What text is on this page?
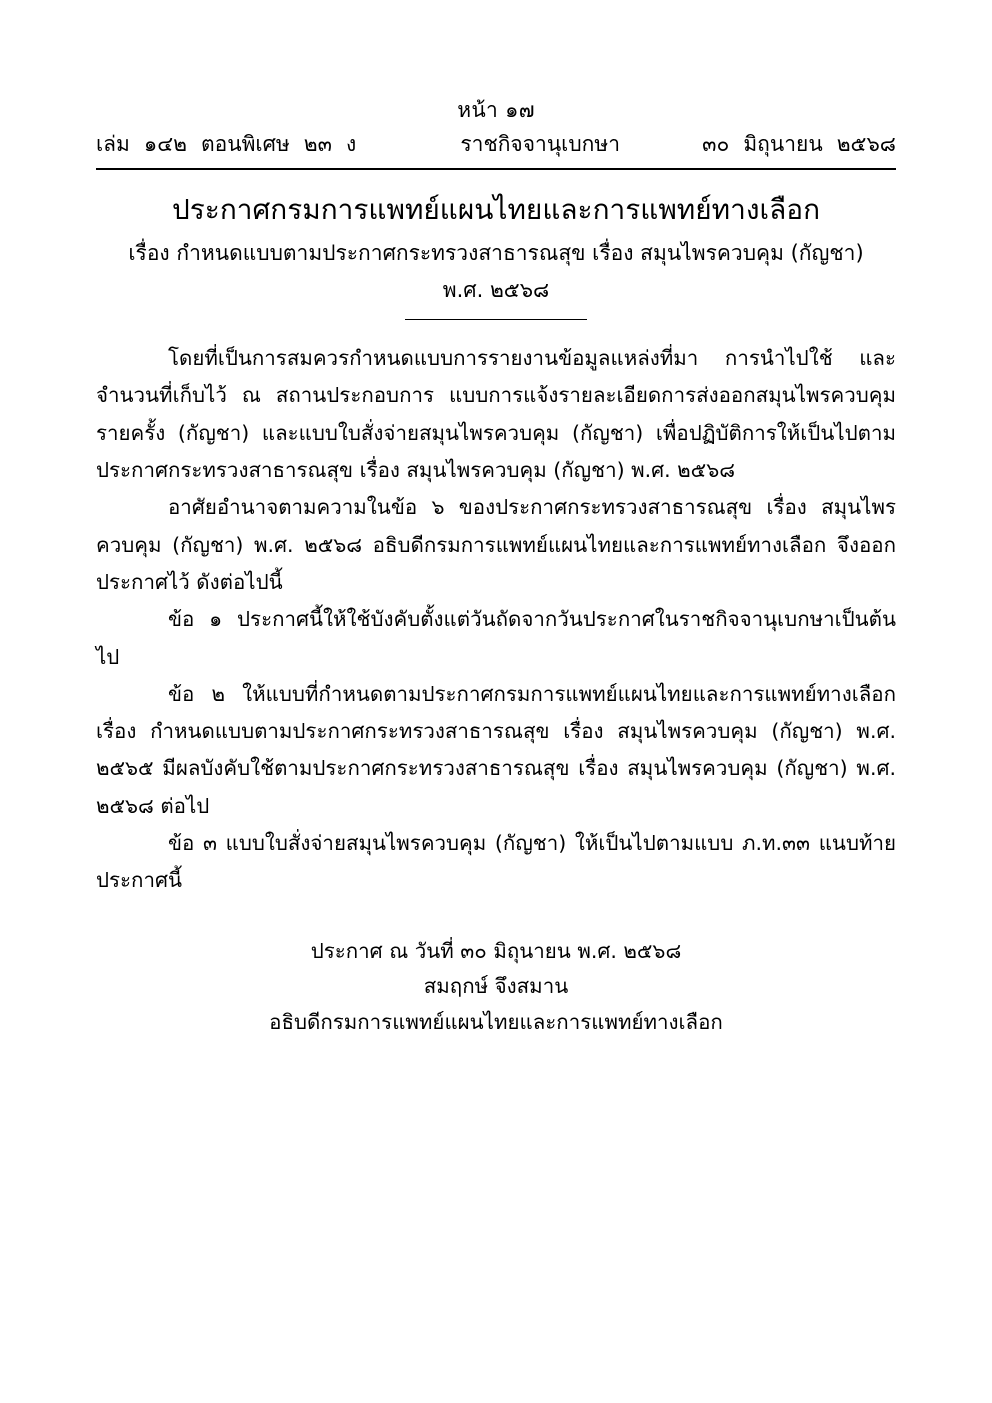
หน้า ๑๗
เล่ม ๑๔๒ ตอนพิเศษ ๒๓ ง	ราชกิจจานุเบกษา	๓๐ มิถุนายน ๒๕๖๘
ประกาศกรมการแพทย์แผนไทยและการแพทย์ทางเลือก
เรื่อง กำหนดแบบตามประกาศกระทรวงสาธารณสุข เรื่อง สมุนไพรควบคุม (กัญชา)
พ.ศ. ๒๕๖๘

โดยที่เป็นการสมควรกำหนดแบบการรายงานข้อมูลแหล่งที่มา การนำไปใช้ และจำนวนที่เก็บไว้ ณ สถานประกอบการ แบบการแจ้งรายละเอียดการส่งออกสมุนไพรควบคุมรายครั้ง (กัญชา) และแบบใบสั่งจ่ายสมุนไพรควบคุม (กัญชา) เพื่อปฏิบัติการให้เป็นไปตามประกาศกระทรวงสาธารณสุข เรื่อง สมุนไพรควบคุม (กัญชา) พ.ศ. ๒๕๖๘

อาศัยอำนาจตามความในข้อ ๖ ของประกาศกระทรวงสาธารณสุข เรื่อง สมุนไพรควบคุม (กัญชา) พ.ศ. ๒๕๖๘ อธิบดีกรมการแพทย์แผนไทยและการแพทย์ทางเลือก จึงออกประกาศไว้ ดังต่อไปนี้

ข้อ ๑ ประกาศนี้ให้ใช้บังคับตั้งแต่วันถัดจากวันประกาศในราชกิจจานุเบกษาเป็นต้นไป

ข้อ ๒ ให้แบบที่กำหนดตามประกาศกรมการแพทย์แผนไทยและการแพทย์ทางเลือก เรื่อง กำหนดแบบตามประกาศกระทรวงสาธารณสุข เรื่อง สมุนไพรควบคุม (กัญชา) พ.ศ. ๒๕๖๕ มีผลบังคับใช้ตามประกาศกระทรวงสาธารณสุข เรื่อง สมุนไพรควบคุม (กัญชา) พ.ศ. ๒๕๖๘ ต่อไป

ข้อ ๓ แบบใบสั่งจ่ายสมุนไพรควบคุม (กัญชา) ให้เป็นไปตามแบบ ภ.ท.๓๓ แนบท้ายประกาศนี้

ประกาศ ณ วันที่ ๓๐ มิถุนายน พ.ศ. ๒๕๖๘
สมฤกษ์ จึงสมาน
อธิบดีกรมการแพทย์แผนไทยและการแพทย์ทางเลือก
